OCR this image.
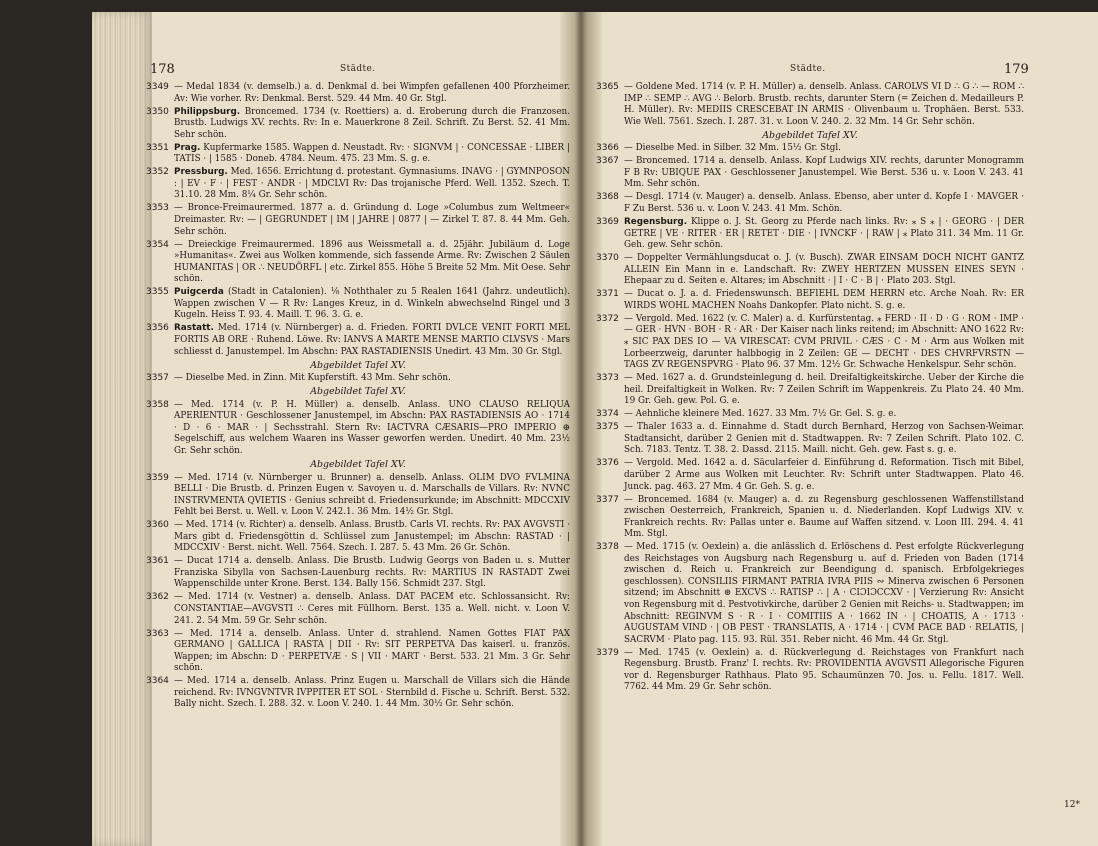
178	Städte.	Städte.	179
3349 — Medal 1834 (v. demselb.) a. d. Denkmal d. bei Wimpfen gefallenen 400 Pforzheimer. Av: Wie vorher. Rv: Denkmal. Berst. 529. 44 Mm. 40 Gr. Stgl.
3350 Philippsburg. Broncemed. 1734 (v. Roettiers) a. d. Eroberung durch die Franzosen. Brustb. Ludwigs XV. rechts. Rv: In e. Mauerkrone 8 Zeil. Schrift. Zu Berst. 52. 41 Mm. Sehr schön.
3351 Prag. Kupfermarke 1585. Wappen d. Neustadt. Rv: · SIGNVM | · CONCESSAE · LIBER | TATIS · | 1585 · Doneb. 4784. Neum. 475. 23 Mm. S. g. e.
3352 Pressburg. Med. 1656. Errichtung d. protestant. Gymnasiums. INAVG · | GYMNPOSON : | EV · F · | FEST · ANDR · | MDCLVI Rv: Das trojanische Pferd. Well. 1352. Szech. T. 31.10. 28 Mm. 8¼ Gr. Sehr schön.
3353 — Bronce-Freimaurermed. 1877 a. d. Gründung d. Loge »Columbus zum Weltmeer« Dreimaster. Rv: — | GEGRUNDET | IM | JAHRE | 0877 | — Zirkel T. 87. 8. 44 Mm. Geh. Sehr schön.
3354 — Dreieckige Freimaurermed. 1896 aus Weissmetall a. d. 25jähr. Jubiläum d. Loge »Humanitas«. Zwei aus Wolken kommende, sich fassende Arme. Rv: Zwischen 2 Säulen HUMANITAS | OR ∴ NEUDÖRFL | etc. Zirkel 855. Höhe 5 Breite 52 Mm. Mit Oese. Sehr schön.
3355 Puigcerda (Stadt in Catalonien). ⅛ Noththaler zu 5 Realen 1641 (Jahrz. undeutlich). Wappen zwischen V — R Rv: Langes Kreuz, in d. Winkeln abwechselnd Ringel und 3 Kugeln. Heiss T. 93. 4. Maill. T. 96. 3. G. e.
3356 Rastatt. Med. 1714 (v. Nürnberger) a. d. Frieden. FORTI DVLCE VENIT FORTI MEL FORTIS AB ORE · Ruhend. Löwe. Rv: IANVS A MARTE MENSE MARTIO CLVSVS · Mars schliesst d. Janustempel. Im Abschn: PAX RASTADIENSIS Unedirt. 43 Mm. 30 Gr. Stgl.
Abgebildet Tafel XV.
3357 — Dieselbe Med. in Zinn. Mit Kupferstift. 43 Mm. Sehr schön.
Abgebildet Tafel XV.
3358 — Med. 1714 (v. P. H. Müller) a. denselb. Anlass. UNO CLAUSO RELIQUA APERIENTUR · Geschlossener Janustempel, im Abschn: PAX RASTADIENSIS AO · 1714 · D · 6 · MAR · | Sechsstrahl. Stern Rv: IACTVRA CÆSARIS—PRO IMPERIO ⊕ Segelschiff, aus welchem Waaren ins Wasser geworfen werden. Unedirt. 40 Mm. 23½ Gr. Sehr schön.
Abgebildet Tafel XV.
3359 — Med. 1714 (v. Nürnberger u. Brunner) a. denselb. Anlass. OLIM DVO FVLMINA BELLI · Die Brustb. d. Prinzen Eugen v. Savoyen u. d. Marschalls de Villars. Rv: NVNC INSTRVMENTA QVIETIS · Genius schreibt d. Friedensurkunde; im Abschnitt: MDCCXIV Fehlt bei Berst. u. Well. v. Loon V. 242.1. 36 Mm. 14½ Gr. Stgl.
3360 — Med. 1714 (v. Richter) a. denselb. Anlass. Brustb. Carls VI. rechts. Rv: PAX AVGVSTI · Mars gibt d. Friedensgöttin d. Schlüssel zum Janustempel; im Abschn: RASTAD · | MDCCXIV · Berst. nicht. Well. 7564. Szech. I. 287. 5. 43 Mm. 26 Gr. Schön.
3361 — Ducat 1714 a. denselb. Anlass. Die Brustb. Ludwig Georgs von Baden u. s. Mutter Franziska Sibylla von Sachsen-Lauenburg rechts. Rv: MARTIUS IN RASTADT Zwei Wappenschilde unter Krone. Berst. 134. Bally 156. Schmidt 237. Stgl.
3362 — Med. 1714 (v. Vestner) a. denselb. Anlass. DAT PACEM etc. Schlossansicht. Rv: CONSTANTIAE—AVGVSTI ∴ Ceres mit Füllhorn. Berst. 135 a. Well. nicht. v. Loon V. 241. 2. 54 Mm. 59 Gr. Sehr schön.
3363 — Med. 1714 a. denselb. Anlass. Unter d. strahlend. Namen Gottes FIAT PAX GERMANO | GALLICA | RASTA | DII · Rv: SIT PERPETVA Das kaiserl. u. französ. Wappen; im Abschn: D · PERPETVÆ · S | VII · MART · Berst. 533. 21 Mm. 3 Gr. Sehr schön.
3364 — Med. 1714 a. denselb. Anlass. Prinz Eugen u. Marschall de Villars sich die Hände reichend. Rv: IVNGVNTVR IVPPITER ET SOL · Sternbild d. Fische u. Schrift. Berst. 532. Bally nicht. Szech. I. 288. 32. v. Loon V. 240. 1. 44 Mm. 30½ Gr. Sehr schön.
3365 — Goldene Med. 1714 (v. P. H. Müller) a. denselb. Anlass. CAROLVS VI D ∴ G ∴ — ROM ∴ IMP ∴ SEMP ∴ AVG ∴ Belorb. Brustb. rechts, darunter Stern (= Zeichen d. Medailleurs P. H. Müller). Rv: MEDIIS CRESCEBAT IN ARMIS · Olivenbaum u. Trophäen. Berst. 533. Wie Well. 7561. Szech. I. 287. 31. v. Loon V. 240. 2. 32 Mm. 14 Gr. Sehr schön.
Abgebildet Tafel XV.
3366 — Dieselbe Med. in Silber. 32 Mm. 15½ Gr. Stgl.
3367 — Broncemed. 1714 a. denselb. Anlass. Kopf Ludwigs XIV. rechts, darunter Monogramm F B Rv: UBIQUE PAX · Geschlossener Janustempel. Wie Berst. 536 u. v. Loon V. 243. 41 Mm. Sehr schön.
3368 — Desgl. 1714 (v. Mauger) a. denselb. Anlass. Ebenso, aber unter d. Kopfe I · MAVGER · F Zu Berst. 536 u. v. Loon V. 243. 41 Mm. Schön.
3369 Regensburg. Klippe o. J. St. Georg zu Pferde nach links. Rv: ⁎ S ⁎ | · GEORG · | DER GETRE | VE · RITER · ER | RETET · DIE · | IVNCKF · | RAW | ⁎ Plato 311. 34 Mm. 11 Gr. Geh. gew. Sehr schön.
3370 — Doppelter Vermählungsducat o. J. (v. Busch). ZWAR EINSAM DOCH NICHT GANTZ ALLEIN Ein Mann in e. Landschaft. Rv: ZWEY HERTZEN MUSSEN EINES SEYN · Ehepaar zu d. Seiten e. Altares; im Abschnitt · | I · C · B | · Plato 203. Stgl.
3371 — Ducat o. J. a. d. Friedenswunsch. BEFIEHL DEM HERRN etc. Arche Noah. Rv: ER WIRDS WOHL MACHEN Noahs Dankopfer. Plato nicht. S. g. e.
3372 — Vergold. Med. 1622 (v. C. Maler) a. d. Kurfürstentag. ⁎ FERD · II · D · G · ROM · IMP · — GER · HVN · BOH · R · AR · Der Kaiser nach links reitend; im Abschnitt: ANO 1622 Rv: ⁎ SIC PAX DES IO — VA VIRESCAT: CVM PRIVIL · CÆS · C · M · Arm aus Wolken mit Lorbeerzweig, darunter halbbogig in 2 Zeilen: GE — DECHT · DES CHVRFVRSTN — TAGS ZV REGENSPVRG · Plato 96. 37 Mm. 12½ Gr. Schwache Henkelspur. Sehr schön.
3373 — Med. 1627 a. d. Grundsteinlegung d. heil. Dreifaltigkeitskirche. Ueber der Kirche die heil. Dreifaltigkeit in Wolken. Rv: 7 Zeilen Schrift im Wappenkreis. Zu Plato 24. 40 Mm. 19 Gr. Geh. gew. Pol. G. e.
3374 — Aehnliche kleinere Med. 1627. 33 Mm. 7½ Gr. Gel. S. g. e.
3375 — Thaler 1633 a. d. Einnahme d. Stadt durch Bernhard, Herzog von Sachsen-Weimar. Stadtansicht, darüber 2 Genien mit d. Stadtwappen. Rv: 7 Zeilen Schrift. Plato 102. C. Sch. 7183. Tentz. T. 38. 2. Dassd. 2115. Maill. nicht. Geh. gew. Fast s. g. e.
3376 — Vergold. Med. 1642 a. d. Säcularfeier d. Einführung d. Reformation. Tisch mit Bibel, darüber 2 Arme aus Wolken mit Leuchter. Rv: Schrift unter Stadtwappen. Plato 46. Junck. pag. 463. 27 Mm. 4 Gr. Geh. S. g. e.
3377 — Broncemed. 1684 (v. Mauger) a. d. zu Regensburg geschlossenen Waffenstillstand zwischen Oesterreich, Frankreich, Spanien u. d. Niederlanden. Kopf Ludwigs XIV. v. Frankreich rechts. Rv: Pallas unter e. Baume auf Waffen sitzend. v. Loon III. 294. 4. 41 Mm. Stgl.
3378 — Med. 1715 (v. Oexlein) a. die anlässlich d. Erlöschens d. Pest erfolgte Rückverlegung des Reichstages von Augsburg nach Regensburg u. auf d. Frieden von Baden (1714 zwischen d. Reich u. Frankreich zur Beendigung d. spanisch. Erbfolgekrieges geschlossen). CONSILIIS FIRMANT PATRIA IVRA PIIS ∾ Minerva zwischen 6 Personen sitzend; im Abschnitt ⊛ EXCVS ∴ RATISP ∴ | A · CIƆIƆCCXV · | Verzierung Rv: Ansicht von Regensburg mit d. Pestvotivkirche, darüber 2 Genien mit Reichs- u. Stadtwappen; im Abschnitt: REGINVM S · R · I · COMITIIS A · 1662 IN · | CHOATIS, A · 1713 · AUGUSTAM VIND · | OB PEST · TRANSLATIS, A · 1714 · | CVM PACE BAD · RELATIS, | SACRVM · Plato pag. 115. 93. Rül. 351. Reber nicht. 46 Mm. 44 Gr. Stgl.
3379 — Med. 1745 (v. Oexlein) a. d. Rückverlegung d. Reichstages von Frankfurt nach Regensburg. Brustb. Franz' I. rechts. Rv: PROVIDENTIA AVGVSTI Allegorische Figuren vor d. Regensburger Rathhaus. Plato 95. Schaumünzen 70. Jos. u. Fellu. 1817. Well. 7762. 44 Mm. 29 Gr. Sehr schön.
12*
